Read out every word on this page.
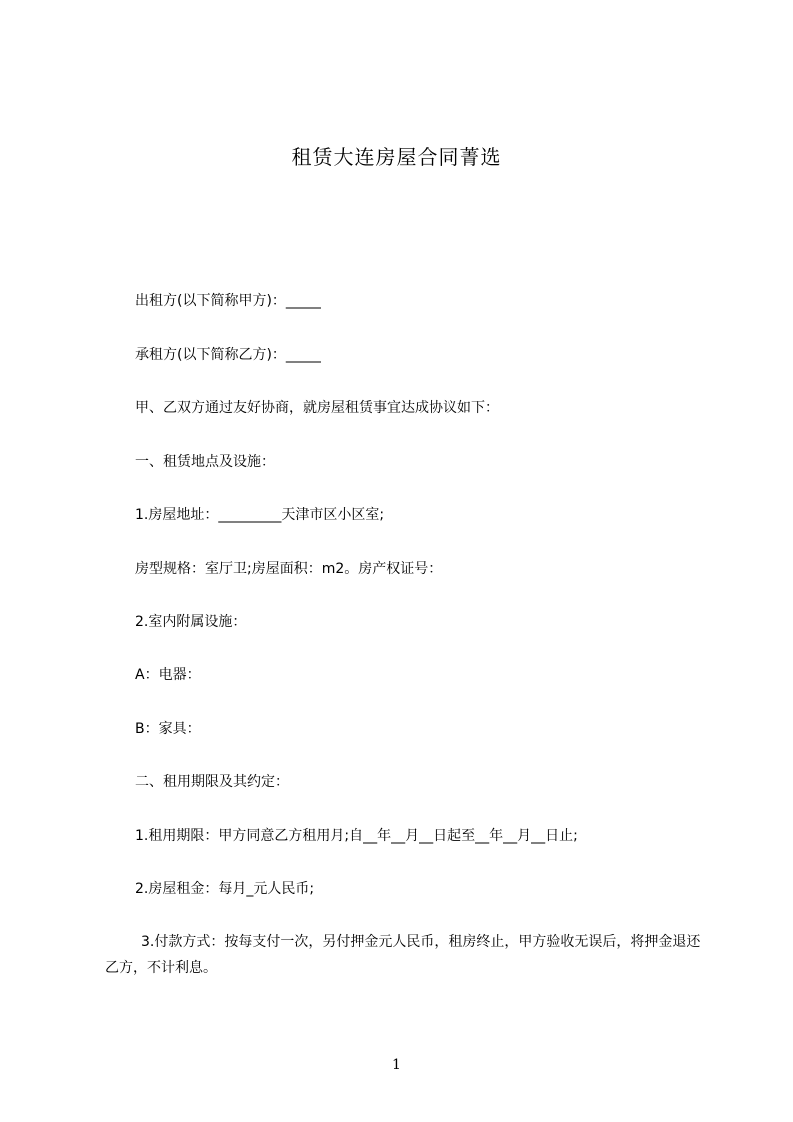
租赁大连房屋合同菁选
出租方(以下简称甲方)：_____
承租方(以下简称乙方)：_____
甲、乙双方通过友好协商，就房屋租赁事宜达成协议如下：
一、租赁地点及设施：
1.房屋地址：_________天津市区小区室;
房型规格：室厅卫;房屋面积：m2。房产权证号：
2.室内附属设施：
A：电器：
B：家具：
二、租用期限及其约定：
1.租用期限：甲方同意乙方租用月;自__年__月__日起至__年__月__日止;
2.房屋租金：每月_元人民币;
3.付款方式：按每支付一次，另付押金元人民币，租房终止，甲方验收无误后，将押金退还乙方，不计利息。
1
